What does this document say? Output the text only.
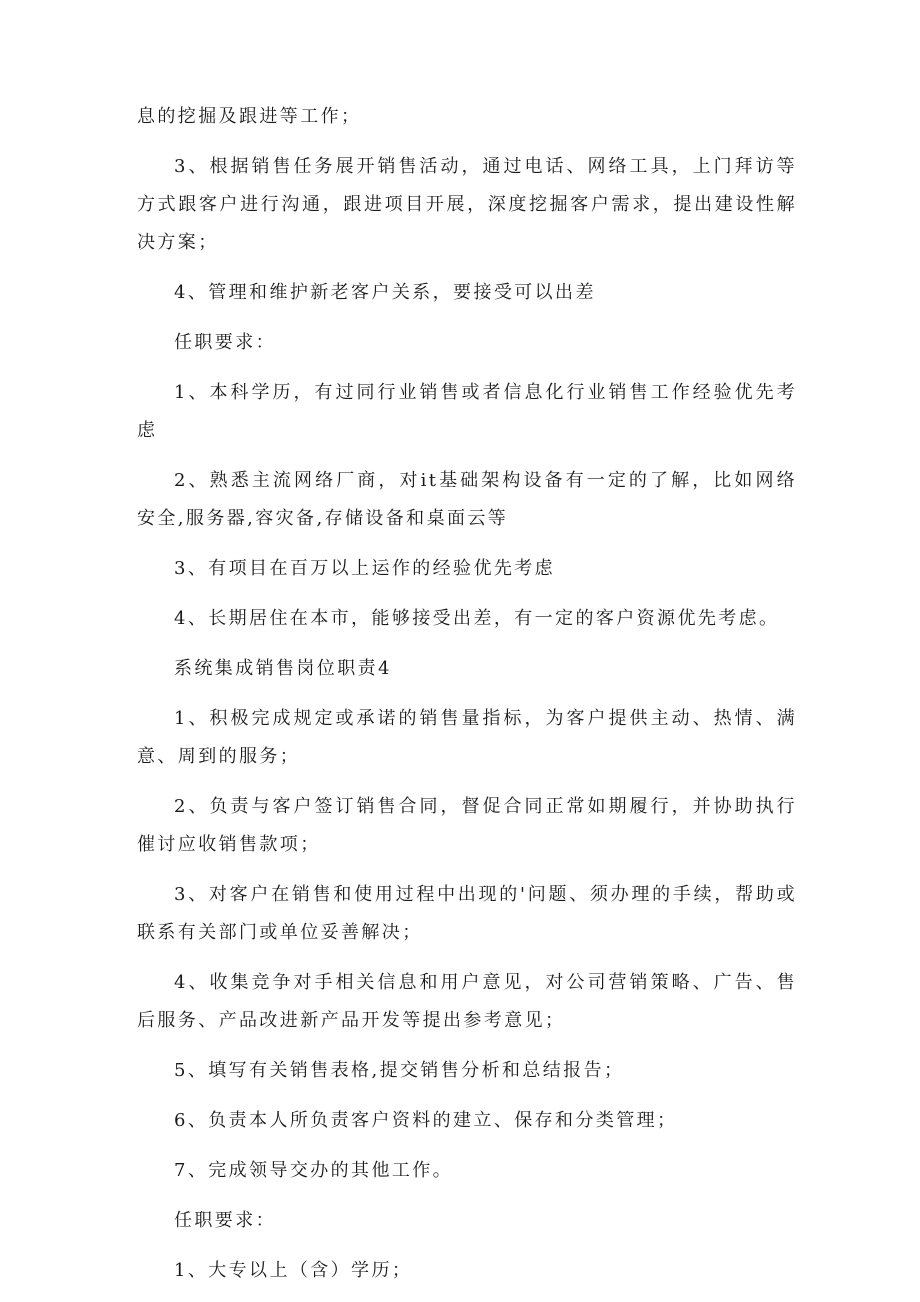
息的挖掘及跟进等工作；

3、根据销售任务展开销售活动，通过电话、网络工具，上门拜访等方式跟客户进行沟通，跟进项目开展，深度挖掘客户需求，提出建设性解决方案；

4、管理和维护新老客户关系，要接受可以出差

任职要求：

1、本科学历，有过同行业销售或者信息化行业销售工作经验优先考虑

2、熟悉主流网络厂商，对it基础架构设备有一定的了解，比如网络安全,服务器,容灾备,存储设备和桌面云等

3、有项目在百万以上运作的经验优先考虑

4、长期居住在本市，能够接受出差，有一定的客户资源优先考虑。

系统集成销售岗位职责4

1、积极完成规定或承诺的销售量指标，为客户提供主动、热情、满意、周到的服务；

2、负责与客户签订销售合同，督促合同正常如期履行，并协助执行催讨应收销售款项；

3、对客户在销售和使用过程中出现的'问题、须办理的手续，帮助或联系有关部门或单位妥善解决；

4、收集竞争对手相关信息和用户意见，对公司营销策略、广告、售后服务、产品改进新产品开发等提出参考意见；

5、填写有关销售表格,提交销售分析和总结报告；

6、负责本人所负责客户资料的建立、保存和分类管理；

7、完成领导交办的其他工作。

任职要求：

1、大专以上（含）学历；
